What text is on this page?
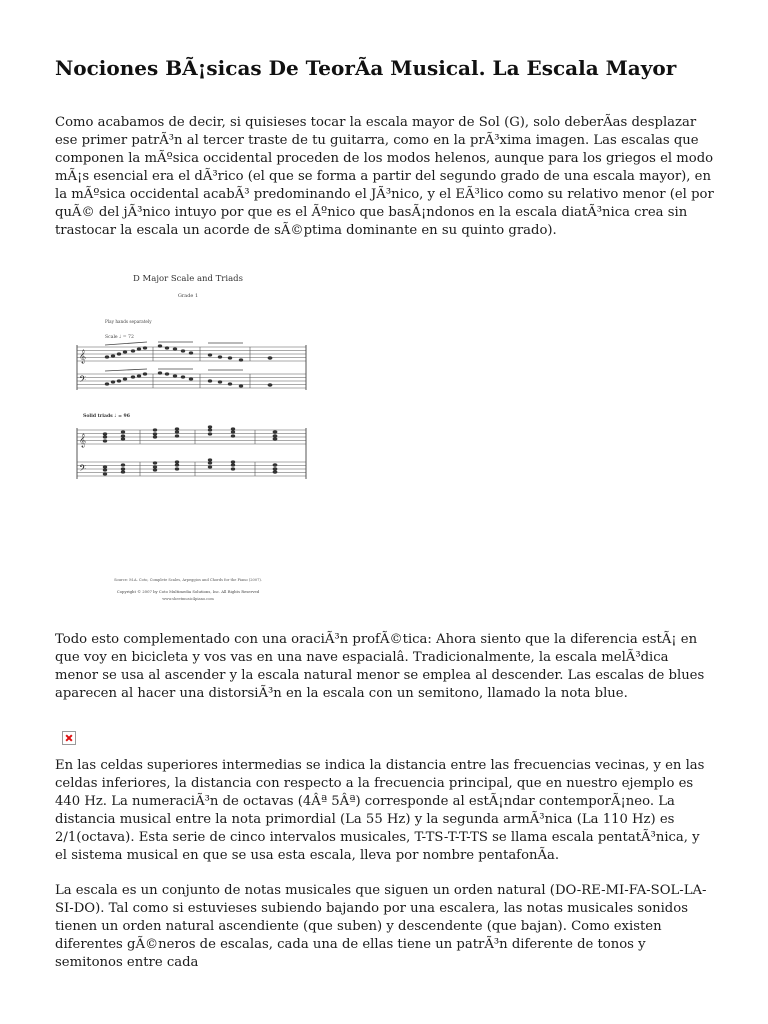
Nociones BÃ¡sicas De TeorÃa Musical. La Escala Mayor

Como acabamos de decir, si quisieses tocar la escala mayor de Sol (G), solo deberÃas desplazar ese primer patrÃ³n al tercer traste de tu guitarra, como en la prÃ³xima imagen. Las escalas que componen la mÃºsica occidental proceden de los modos helenos, aunque para los griegos el modo mÃ¡s esencial era el dÃ³rico (el que se forma a partir del segundo grado de una escala mayor), en la mÃºsica occidental acabÃ³ predominando el JÃ³nico, y el EÃ³lico como su relativo menor (el por quÃ© del jÃ³nico intuyo por que es el Ãºnico que basÃ¡ndonos en la escala diatÃ³nica crea sin trastocar la escala un acorde de sÃ©ptima dominante en su quinto grado).

D Major Scale and Triads
Grade 1
Play hands separately
Scale ♩ = 72
𝄞
𝄢
Solid triads ♩ = 96
𝄞
𝄢
Source: M.A. Coto, Complete Scales, Arpeggios and Chords for the Piano (2007).
Copyright © 2007 by Coto Multimedia Solutions, Inc. All Rights Reserved
www.sheetmusic4piano.com

Todo esto complementado con una oraciÃ³n profÃ©tica: Ahora siento que la diferencia estÃ¡ en que voy en bicicleta y vos vas en una nave espacialâ. Tradicionalmente, la escala melÃ³dica menor se usa al ascender y la escala natural menor se emplea al descender. Las escalas de blues aparecen al hacer una distorsiÃ³n en la escala con un semitono, llamado la nota blue.

En las celdas superiores intermedias se indica la distancia entre las frecuencias vecinas, y en las celdas inferiores, la distancia con respecto a la frecuencia principal, que en nuestro ejemplo es 440 Hz. La numeraciÃ³n de octavas (4Âª 5Âª) corresponde al estÃ¡ndar contemporÃ¡neo. La distancia musical entre la nota primordial (La 55 Hz) y la segunda armÃ³nica (La 110 Hz) es 2/1(octava). Esta serie de cinco intervalos musicales, T-TS-T-T-TS se llama escala pentatÃ³nica, y el sistema musical en que se usa esta escala, lleva por nombre pentafonÃa.

La escala es un conjunto de notas musicales que siguen un orden natural (DO-RE-MI-FA-SOL-LA-SI-DO). Tal como si estuvieses subiendo bajando por una escalera, las notas musicales sonidos tienen un orden natural ascendiente (que suben) y descendente (que bajan). Como existen diferentes gÃ©neros de escalas, cada una de ellas tiene un patrÃ³n diferente de tonos y semitonos entre cada
